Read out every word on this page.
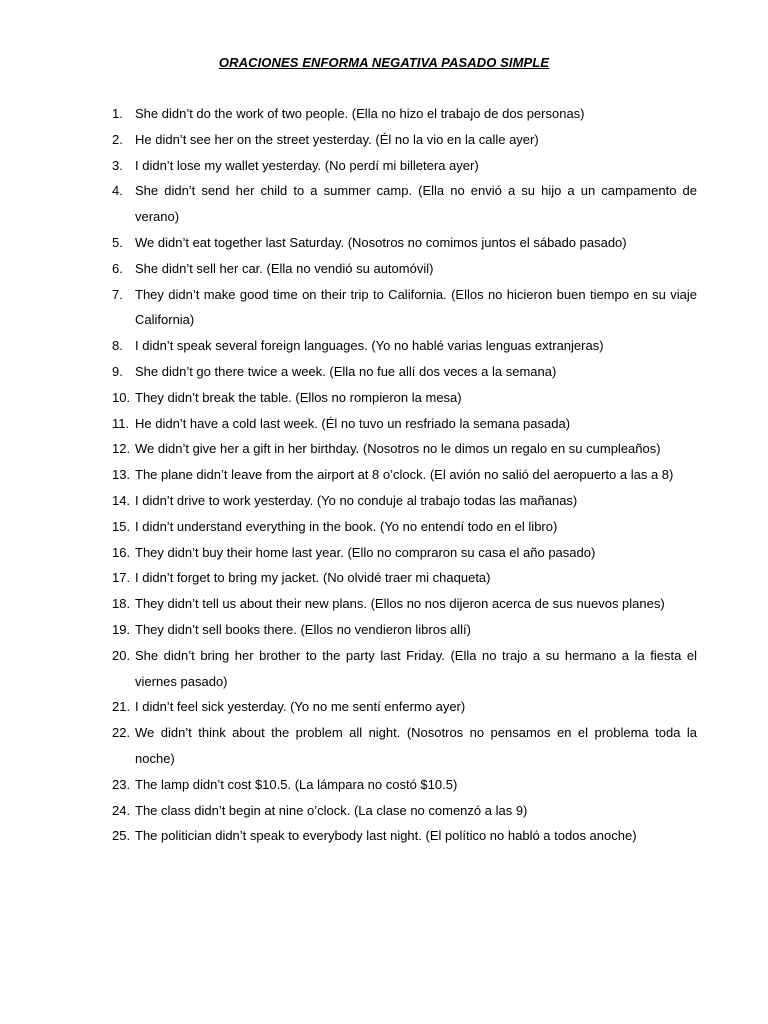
ORACIONES ENFORMA NEGATIVA PASADO SIMPLE
1. She didn’t do the work of two people. (Ella no hizo el trabajo de dos personas)
2. He didn’t see her on the street yesterday. (Él no la vio en la calle ayer)
3. I didn’t lose my wallet yesterday. (No perdí mi billetera ayer)
4. She didn’t send her child to a summer camp. (Ella no envió a su hijo a un campamento de verano)
5. We didn’t eat together last Saturday. (Nosotros no comimos juntos el sábado pasado)
6. She didn’t sell her car. (Ella no vendió su automóvil)
7. They didn’t make good time on their trip to California. (Ellos no hicieron buen tiempo en su viaje California)
8. I didn’t speak several foreign languages. (Yo no hablé varias lenguas extranjeras)
9. She didn’t go there twice a week. (Ella no fue allí dos veces a la semana)
10. They didn’t break the table. (Ellos no rompieron la mesa)
11. He didn’t have a cold last week. (Él no tuvo un resfriado la semana pasada)
12. We didn’t give her a gift in her birthday. (Nosotros no le dimos un regalo en su cumpleaños)
13. The plane didn’t leave from the airport at 8 o’clock. (El avión no salió del aeropuerto a las a 8)
14. I didn’t drive to work yesterday. (Yo no conduje al trabajo todas las mañanas)
15. I didn’t understand everything in the book. (Yo no entendí todo en el libro)
16. They didn’t buy their home last year. (Ello no compraron su casa el año pasado)
17. I didn’t forget to bring my jacket. (No olvidé traer mi chaqueta)
18. They didn’t tell us about their new plans. (Ellos no nos dijeron acerca de sus nuevos planes)
19. They didn’t sell books there. (Ellos no vendieron libros allí)
20. She didn’t bring her brother to the party last Friday. (Ella no trajo a su hermano a la fiesta el viernes pasado)
21. I didn’t feel sick yesterday. (Yo no me sentí enfermo ayer)
22. We didn’t think about the problem all night. (Nosotros no pensamos en el problema toda la noche)
23. The lamp didn’t cost $10.5. (La lámpara no costó $10.5)
24. The class didn’t begin at nine o’clock. (La clase no comenzó a las 9)
25. The politician didn’t speak to everybody last night. (El político no habló a todos anoche)
